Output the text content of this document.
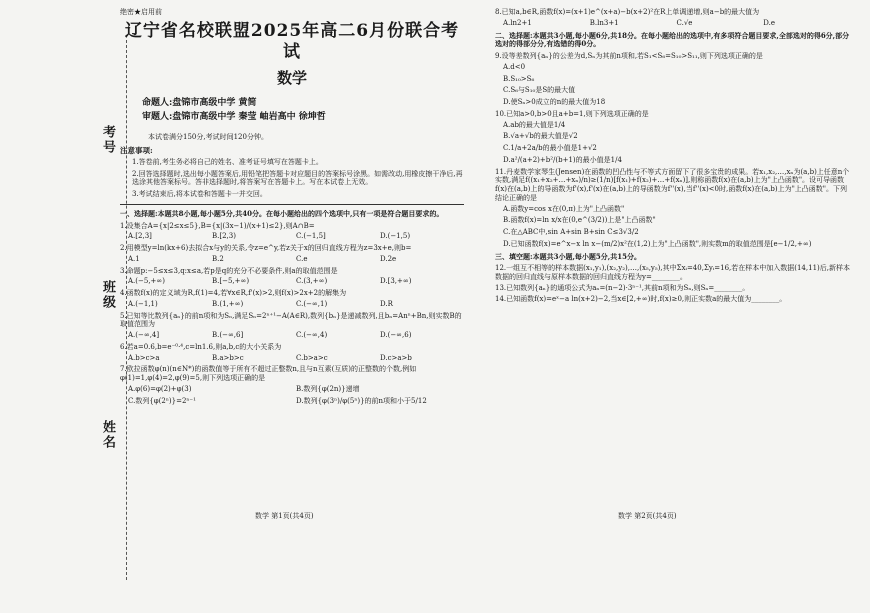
考号
班级
姓名
绝密★启用前
辽宁省名校联盟2025年高二6月份联合考试
数学
命题人:盘锦市高级中学 黄简
审题人:盘锦市高级中学 秦莹 岫岩高中 徐坤哲
本试卷满分150分,考试时间120分钟。
注意事项:

1.答卷前,考生务必将自己的姓名、准考证号填写在答题卡上。

2.回答选择题时,选出每小题答案后,用铅笔把答题卡对应题目的答案标号涂黑。如需改动,用橡皮擦干净后,再选涂其他答案标号。答非选择题时,将答案写在答题卡上。写在本试卷上无效。

3.考试结束后,将本试卷和答题卡一并交回。

一、选择题:本题共8小题,每小题5分,共40分。在每小题给出的四个选项中,只有一项是符合题目要求的。
1.设集合A={x|2≤x≤5},B={x|(3x−1)/(x+1)≤2},则A∩B=
A.[2,3]	B.[2,3)	C.(−1,5]	D.(−1,5)
2.用模型y=ln(kx+6)去拟合x与y的关系,令z=e^y,若z关于x的回归直线方程为z=3x+e,则b=
A.1	B.2	C.e	D.2e
3.命题p:−5≤x≤3,q:x≤a,若p是q的充分不必要条件,则a的取值范围是
A.(−5,+∞)	B.[−5,+∞)	C.(3,+∞)	D.[3,+∞)
4.函数f(x)的定义域为R,f(1)=4,若∀x∈R,f'(x)>2,则f(x)>2x+2的解集为
A.(−1,1)	B.(1,+∞)	C.(−∞,1)	D.R
5.已知等比数列{aₙ}的前n项和为Sₙ,满足Sₙ=2ⁿ⁺¹−A(A∈R),数列{bₙ}是递减数列,且bₙ=Anⁿ+Bn,则实数B的取值范围为
A.(−∞,4]	B.(−∞,6]	C.(−∞,4)	D.(−∞,6)
6.若a=0.6,b=e⁻⁰·⁴,c=ln1.6,则a,b,c的大小关系为
A.b>c>a	B.a>b>c	C.b>a>c	D.c>a>b
7.欧拉函数φ(n)(n∈N*)的函数值等于所有不超过正整数n,且与n互素(互质)的正整数的个数,例如φ(1)=1,φ(4)=2,φ(9)=5,则下列选项正确的是
A.φ(6)=φ(2)+φ(3)	B.数列{φ(2n)}递增
C.数列{φ(2ⁿ)}=2ⁿ⁻¹	D.数列{φ(3ⁿ)/φ(5ⁿ)}的前n项和小于5/12
数学 第1页(共4页)
8.已知a,b∈R,函数f(x)=(x+1)e^(x+a)−b(x+2)²在R上单调递增,则a−b的最大值为
A.ln2+1	B.ln3+1	C.√e	D.e
二、选择题:本题共3小题,每小题6分,共18分。在每小题给出的选项中,有多项符合题目要求,全部选对的得6分,部分选对的得部分分,有选错的得0分。
9.设等差数列{aₙ}的公差为d,Sₙ为其前n项和,若S₁<S₆=S₁₀>S₁₁,则下列选项正确的是
A.d<0
B.S₁₀>S₆
C.S₆与S₁₀是S的最大值
D.使Sₙ>0成立的n的最大值为18
10.已知a>0,b>0且a+b=1,则下列选项正确的是
A.ab的最大值是1/4
B.√a+√b的最大值是√2
C.1/a+2a/b的最小值是1+√2
D.a²/(a+2)+b²/(b+1)的最小值是1/4
11.丹麦数学家琴生(Jensen)在函数的凹凸性与不等式方面留下了很多宝贵的成果。若x₁,x₂,…,xₙ为(a,b)上任意n个实数,满足f((x₁+x₂+…+xₙ)/n)≥(1/n)[f(x₁)+f(x₂)+…+f(xₙ)],则称函数f(x)在(a,b)上为"上凸函数"。设可导函数f(x)在(a,b)上的导函数为f'(x),f'(x)在(a,b)上的导函数为f''(x),当f''(x)<0时,函数f(x)在(a,b)上为"上凸函数"。下列结论正确的是
A.函数y=cos x在(0,π)上为"上凸函数"
B.函数f(x)=ln x/x在(0,e^(3/2))上是"上凸函数"
C.在△ABC中,sin A+sin B+sin C≤3√3/2
D.已知函数f(x)=e^x−x ln x−(m/2)x²在(1,2)上为"上凸函数",则实数m的取值范围是[e−1/2,+∞)
三、填空题:本题共3小题,每小题5分,共15分。
12.一组互不相等的样本数据(x₁,y₁),(x₂,y₂),…,(x₅,y₅),其中Σxᵢ=40,Σyᵢ=16,若在样本中加入数据(14,11)后,新样本数据的回归直线与原样本数据的回归直线方程为y=________。
13.已知数列{aₙ}的通项公式为aₙ=(n−2)·3ⁿ⁻¹,其前n项和为Sₙ,则Sₙ=________。
14.已知函数f(x)=eˣ−a ln(x+2)−2,当x∈[2,+∞)时,f(x)≥0,则正实数a的最大值为________。
数学 第2页(共4页)
